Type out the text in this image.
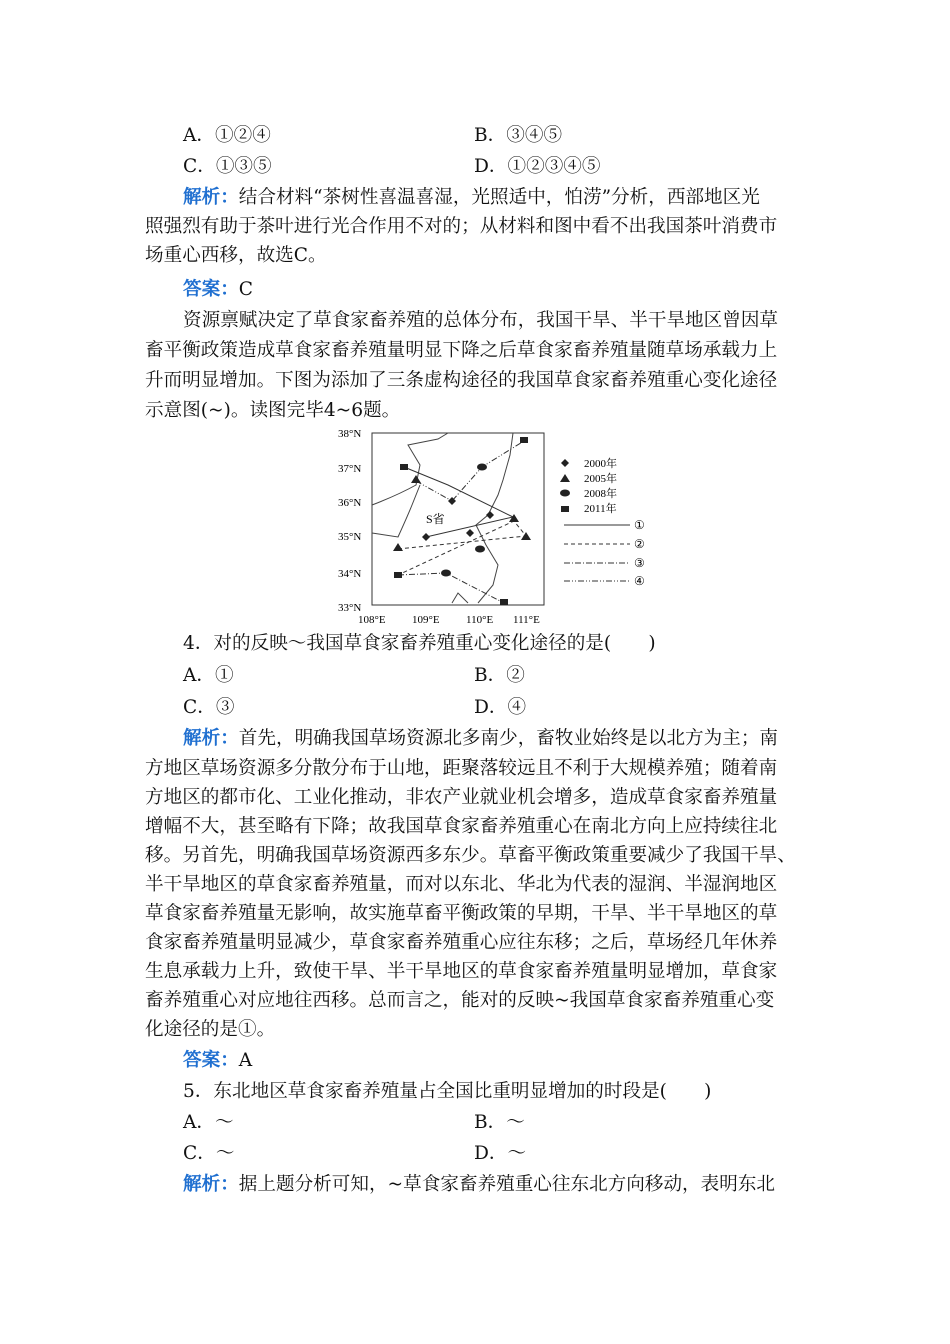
A．①②④	B．③④⑤
C．①③⑤	D．①②③④⑤
解析：结合材料“茶树性喜温喜湿，光照适中，怕涝”分析，西部地区光
照强烈有助于茶叶进行光合作用不对的；从材料和图中看不出我国茶叶消费市
场重心西移，故选C。
答案：C
资源禀赋决定了草食家畜养殖的总体分布，我国干旱、半干旱地区曾因草
畜平衡政策造成草食家畜养殖量明显下降之后草食家畜养殖量随草场承载力上
升而明显增加。下图为添加了三条虚构途径的我国草食家畜养殖重心变化途径
示意图(~)。读图完毕4~6题。
38°N
37°N
36°N
35°N
34°N
33°N
108°E 109°E 110°E 111°E
S省
2000年
2005年
2008年
2011年
①
②
③
④
4．对的反映～我国草食家畜养殖重心变化途径的是(　　)
A．①	B．②
C．③	D．④
解析：首先，明确我国草场资源北多南少，畜牧业始终是以北方为主；南
方地区草场资源多分散分布于山地，距聚落较远且不利于大规模养殖；随着南
方地区的都市化、工业化推动，非农产业就业机会增多，造成草食家畜养殖量
增幅不大，甚至略有下降；故我国草食家畜养殖重心在南北方向上应持续往北
移。另首先，明确我国草场资源西多东少。草畜平衡政策重要减少了我国干旱、
半干旱地区的草食家畜养殖量，而对以东北、华北为代表的湿润、半湿润地区
草食家畜养殖量无影响，故实施草畜平衡政策的早期，干旱、半干旱地区的草
食家畜养殖量明显减少，草食家畜养殖重心应往东移；之后，草场经几年休养
生息承载力上升，致使干旱、半干旱地区的草食家畜养殖量明显增加，草食家
畜养殖重心对应地往西移。总而言之，能对的反映~我国草食家畜养殖重心变
化途径的是①。
答案：A
5．东北地区草食家畜养殖量占全国比重明显增加的时段是(　　)
A．～	B．～
C．～	D．～
解析：据上题分析可知，~草食家畜养殖重心往东北方向移动，表明东北
